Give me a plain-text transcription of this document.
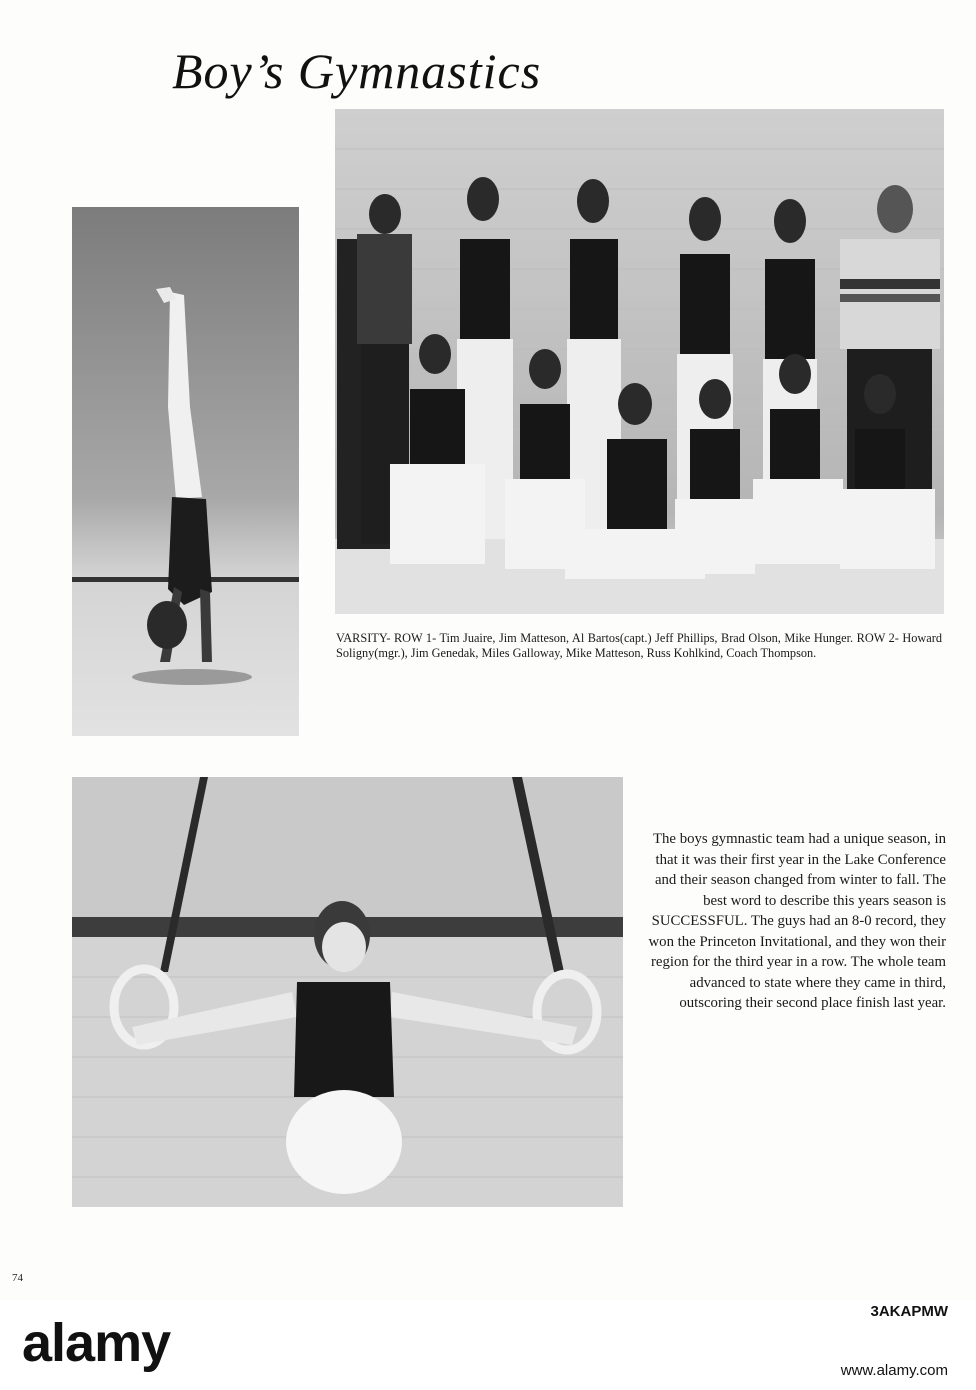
Boy’s Gymnastics
VARSITY- ROW 1- Tim Juaire, Jim Matteson, Al Bartos(capt.) Jeff Phillips, Brad Olson, Mike Hunger. ROW 2- Howard Soligny(mgr.), Jim Genedak, Miles Galloway, Mike Matteson, Russ Kohlkind, Coach Thompson.
The boys gymnastic team had a unique season, in that it was their first year in the Lake Conference and their season changed from winter to fall. The best word to describe this years season is SUCCESSFUL. The guys had an 8-0 record, they won the Princeton Invitational, and they won their region for the third year in a row. The whole team advanced to state where they came in third, outscoring their second place finish last year.
74
alamy
3AKAPMW
www.alamy.com
